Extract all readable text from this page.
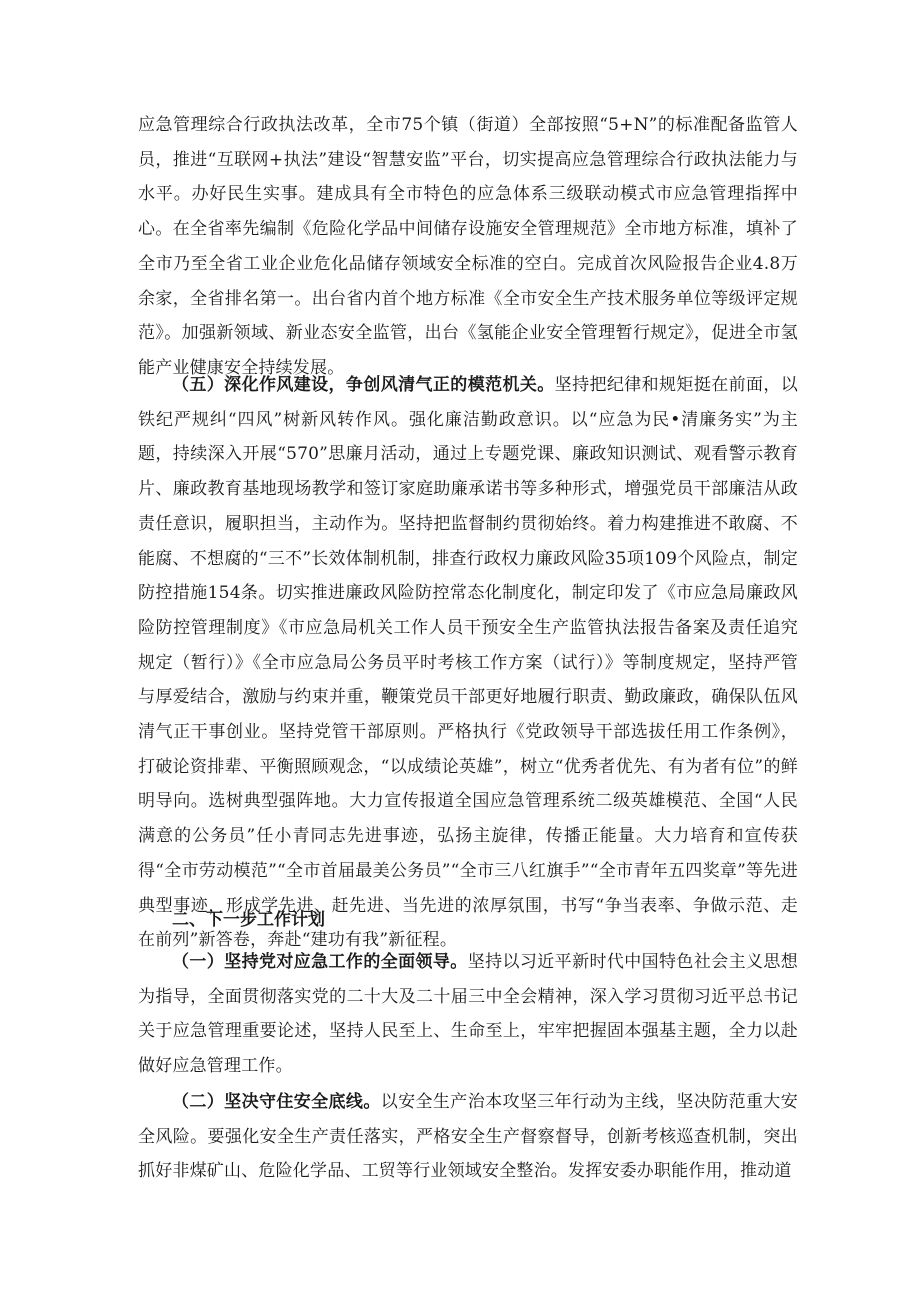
应急管理综合行政执法改革，全市75个镇（街道）全部按照“5+N”的标准配备监管人员，推进“互联网+执法”建设“智慧安监”平台，切实提高应急管理综合行政执法能力与水平。办好民生实事。建成具有全市特色的应急体系三级联动模式市应急管理指挥中心。在全省率先编制《危险化学品中间储存设施安全管理规范》全市地方标准，填补了全市乃至全省工业企业危化品储存领域安全标准的空白。完成首次风险报告企业4.8万余家，全省排名第一。出台省内首个地方标准《全市安全生产技术服务单位等级评定规范》。加强新领域、新业态安全监管，出台《氢能企业安全管理暂行规定》，促进全市氢能产业健康安全持续发展。

（五）深化作风建设，争创风清气正的模范机关。坚持把纪律和规矩挺在前面，以铁纪严规纠“四风”树新风转作风。强化廉洁勤政意识。以“应急为民•清廉务实”为主题，持续深入开展“570”思廉月活动，通过上专题党课、廉政知识测试、观看警示教育片、廉政教育基地现场教学和签订家庭助廉承诺书等多种形式，增强党员干部廉洁从政责任意识，履职担当，主动作为。坚持把监督制约贯彻始终。着力构建推进不敢腐、不能腐、不想腐的“三不”长效体制机制，排查行政权力廉政风险35项109个风险点，制定防控措施154条。切实推进廉政风险防控常态化制度化，制定印发了《市应急局廉政风险防控管理制度》《市应急局机关工作人员干预安全生产监管执法报告备案及责任追究规定（暂行）》《全市应急局公务员平时考核工作方案（试行）》等制度规定，坚持严管与厚爱结合，激励与约束并重，鞭策党员干部更好地履行职责、勤政廉政，确保队伍风清气正干事创业。坚持党管干部原则。严格执行《党政领导干部选拔任用工作条例》，打破论资排辈、平衡照顾观念，“以成绩论英雄”，树立“优秀者优先、有为者有位”的鲜明导向。选树典型强阵地。大力宣传报道全国应急管理系统二级英雄模范、全国“人民满意的公务员”任小青同志先进事迹，弘扬主旋律，传播正能量。大力培育和宣传获得“全市劳动模范”“全市首届最美公务员”“全市三八红旗手”“全市青年五四奖章”等先进典型事迹，形成学先进、赶先进、当先进的浓厚氛围，书写“争当表率、争做示范、走在前列”新答卷，奔赴“建功有我”新征程。

二、下一步工作计划

（一）坚持党对应急工作的全面领导。坚持以习近平新时代中国特色社会主义思想为指导，全面贯彻落实党的二十大及二十届三中全会精神，深入学习贯彻习近平总书记关于应急管理重要论述，坚持人民至上、生命至上，牢牢把握固本强基主题，全力以赴做好应急管理工作。

（二）坚决守住安全底线。以安全生产治本攻坚三年行动为主线，坚决防范重大安全风险。要强化安全生产责任落实，严格安全生产督察督导，创新考核巡查机制，突出抓好非煤矿山、危险化学品、工贸等行业领域安全整治。发挥安委办职能作用，推动道
